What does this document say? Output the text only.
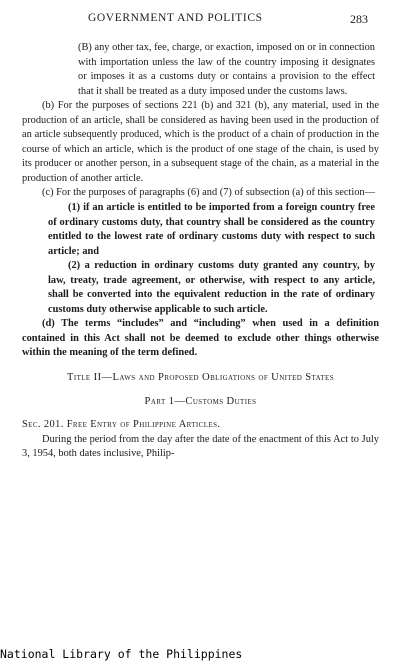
GOVERNMENT AND POLITICS	283

(B) any other tax, fee, charge, or exaction, imposed on or in connection with importation unless the law of the country imposing it designates or imposes it as a customs duty or contains a provision to the effect that it shall be treated as a duty imposed under the customs laws.

(b) For the purposes of sections 221 (b) and 321 (b), any material, used in the production of an article, shall be considered as having been used in the production of an article subsequently produced, which is the product of a chain of production in the course of which an article, which is the product of one stage of the chain, is used by its producer or another person, in a subsequent stage of the chain, as a material in the production of another article.

(c) For the purposes of paragraphs (6) and (7) of subsection (a) of this section—

(1) if an article is entitled to be imported from a foreign country free of ordinary customs duty, that country shall be considered as the country entitled to the lowest rate of ordinary customs duty with respect to such article; and

(2) a reduction in ordinary customs duty granted any country, by law, treaty, trade agreement, or otherwise, with respect to any article, shall be converted into the equivalent reduction in the rate of ordinary customs duty otherwise applicable to such article.

(d) The terms “includes” and “including” when used in a definition contained in this Act shall not be deemed to exclude other things otherwise within the meaning of the term defined.

Title II—Laws and Proposed Obligations of United States

Part 1—Customs Duties

Sec. 201. Free Entry of Philippine Articles.

During the period from the day after the date of the enactment of this Act to July 3, 1954, both dates inclusive, Philip-

National Library of the Philippines
